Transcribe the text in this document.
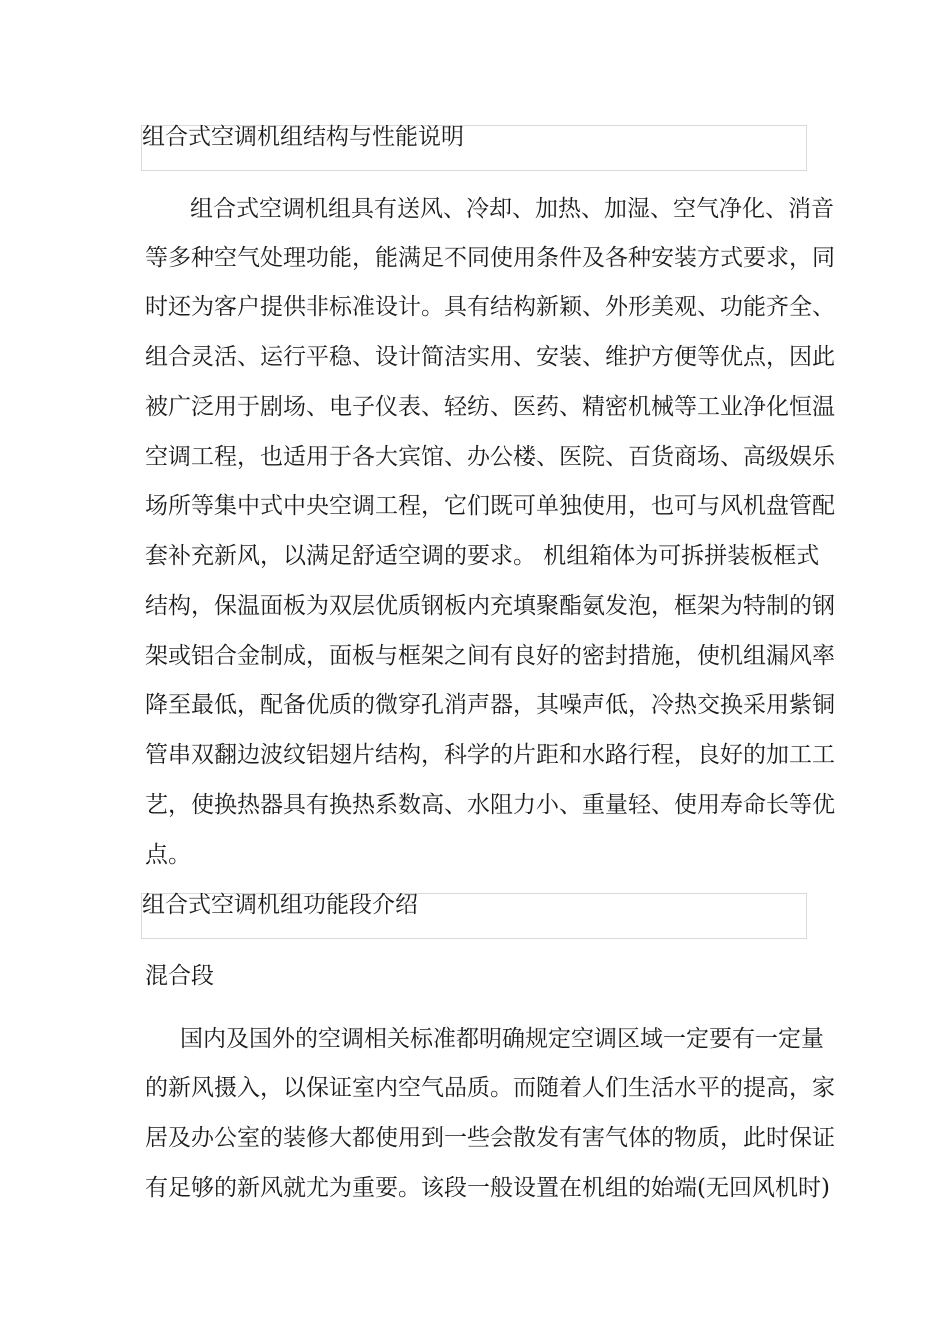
组合式空调机组结构与性能说明
组合式空调机组具有送风、冷却、加热、加湿、空气净化、消音
等多种空气处理功能，能满足不同使用条件及各种安装方式要求，同
时还为客户提供非标准设计。具有结构新颖、外形美观、功能齐全、
组合灵活、运行平稳、设计简洁实用、安装、维护方便等优点，因此
被广泛用于剧场、电子仪表、轻纺、医药、精密机械等工业净化恒温
空调工程，也适用于各大宾馆、办公楼、医院、百货商场、高级娱乐
场所等集中式中央空调工程，它们既可单独使用，也可与风机盘管配
套补充新风，以满足舒适空调的要求。 机组箱体为可拆拼装板框式
结构，保温面板为双层优质钢板内充填聚酯氨发泡，框架为特制的钢
架或铝合金制成，面板与框架之间有良好的密封措施，使机组漏风率
降至最低，配备优质的微穿孔消声器，其噪声低，冷热交换采用紫铜
管串双翻边波纹铝翅片结构，科学的片距和水路行程，良好的加工工
艺，使换热器具有换热系数高、水阻力小、重量轻、使用寿命长等优
点。
组合式空调机组功能段介绍
混合段
国内及国外的空调相关标准都明确规定空调区域一定要有一定量
的新风摄入，以保证室内空气品质。而随着人们生活水平的提高，家
居及办公室的装修大都使用到一些会散发有害气体的物质，此时保证
有足够的新风就尤为重要。该段一般设置在机组的始端(无回风机时)
